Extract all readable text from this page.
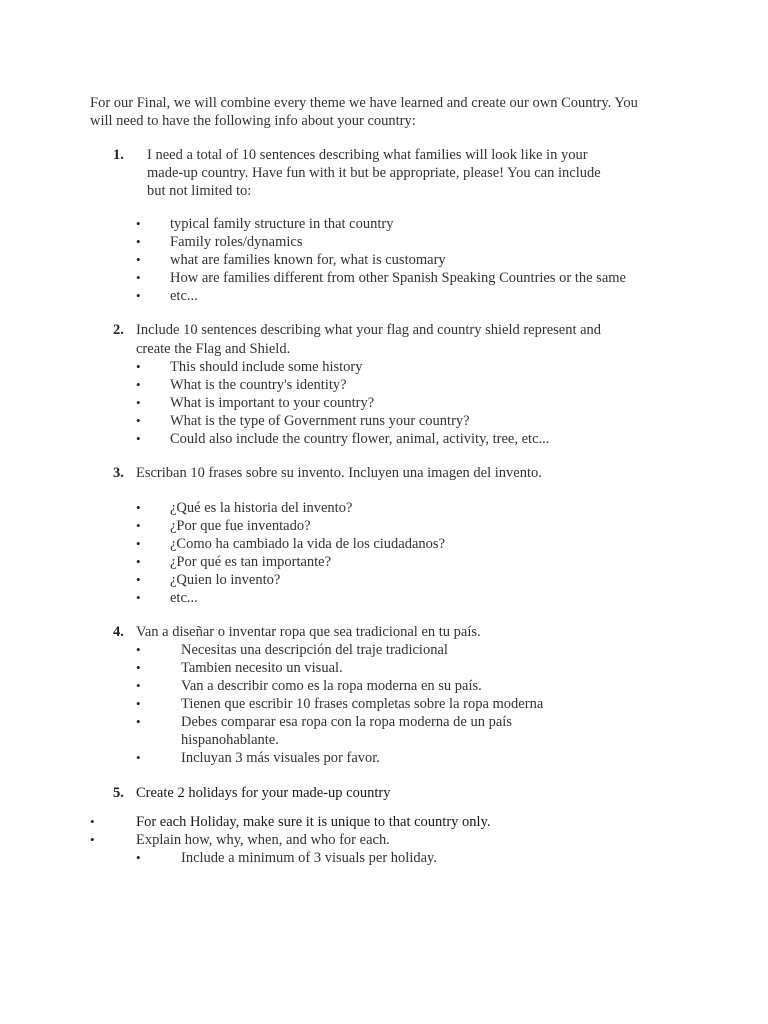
For our Final, we will combine every theme we have learned and create our own Country. You
will need to have the following info about your country:
1. I need a total of 10 sentences describing what families will look like in your
made-up country. Have fun with it but be appropriate, please! You can include
but not limited to:
• typical family structure in that country
• Family roles/dynamics
• what are families known for, what is customary
• How are families different from other Spanish Speaking Countries or the same
• etc...
2. Include 10 sentences describing what your flag and country shield represent and
create the Flag and Shield.
• This should include some history
• What is the country's identity?
• What is important to your country?
• What is the type of Government runs your country?
• Could also include the country flower, animal, activity, tree, etc...
3. Escriban 10 frases sobre su invento. Incluyen una imagen del invento.
• ¿Qué es la historia del invento?
• ¿Por que fue inventado?
• ¿Como ha cambiado la vida de los ciudadanos?
• ¿Por qué es tan importante?
• ¿Quien lo invento?
• etc...
4. Van a diseñar o inventar ropa que sea tradicional en tu país.
•	Necesitas una descripción del traje tradicional
•	Tambien necesito un visual.
•	Van a describir como es la ropa moderna en su país.
•	Tienen que escribir 10 frases completas sobre la ropa moderna
•	Debes comparar esa ropa con la ropa moderna de un país
hispanohablante.
•	Incluyan 3 más visuales por favor.
5. Create 2 holidays for your made-up country
•	For each Holiday, make sure it is unique to that country only.
•	Explain how, why, when, and who for each.
•	Include a minimum of 3 visuals per holiday.
